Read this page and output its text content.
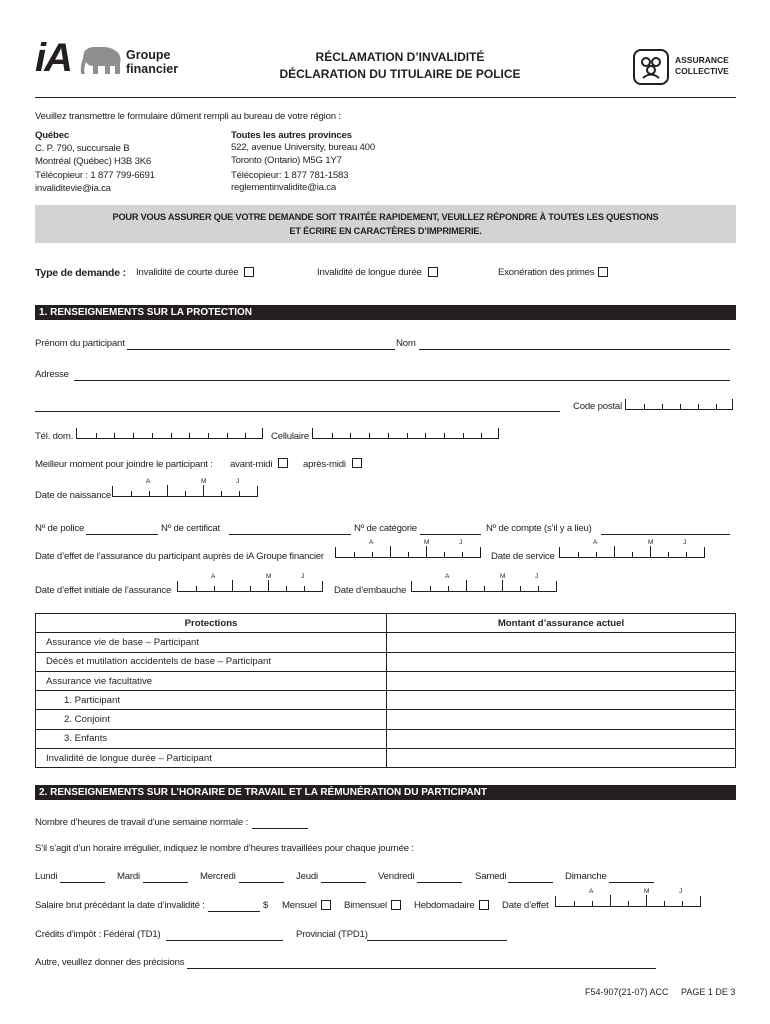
iA	Groupe
financier
RÉCLAMATION D’INVALIDITÉ
DÉCLARATION DU TITULAIRE DE POLICE
ASSURANCE
COLLECTIVE
Veuillez transmettre le formulaire dûment rempli au bureau de votre région :
Québec
C. P. 790, succursale B
Montréal (Québec) H3B 3K6
Télécopieur : 1 877 799-6691
invaliditevie@ia.ca
Toutes les autres provinces
522, avenue University, bureau 400
Toronto (Ontario) M5G 1Y7
Télécopieur: 1 877 781-1583
reglementinvalidite@ia.ca
POUR VOUS ASSURER QUE VOTRE DEMANDE SOIT TRAITÉE RAPIDEMENT, VEUILLEZ RÉPONDRE À TOUTES LES QUESTIONS
ET ÉCRIRE EN CARACTÈRES D’IMPRIMERIE.
Type de demande : Invalidité de courte durée	Invalidité de longue durée	Exonération des primes
1. RENSEIGNEMENTS SUR LA PROTECTION
Prénom du participant	Nom
Adresse
Code postal
Tél. dom.	Cellulaire
Meilleur moment pour joindre le participant : avant-midi	après-midi
Date de naissance
A	M	J
Nº de police	Nº de certificat	Nº de catégorie	Nº de compte (s’il y a lieu)
Date d’effet de l’assurance du participant auprès de iA Groupe financier
A	M	J
Date de service
A	M	J
Date d’effet initiale de l’assurance
A	M	J
Date d’embauche
A	M	J
Protections	Montant d’assurance actuel
Assurance vie de base – Participant	
Décès et mutilation accidentels de base – Participant	
Assurance vie facultative	
1. Participant	
2. Conjoint	
3. Enfants	
Invalidité de longue durée – Participant	
2. RENSEIGNEMENTS SUR L’HORAIRE DE TRAVAIL ET LA RÉMUNÉRATION DU PARTICIPANT
Nombre d’heures de travail d’une semaine normale :
S’il s’agit d’un horaire irrégulier, indiquez le nombre d’heures travaillées pour chaque journée :
Lundi	Mardi	Mercredi	Jeudi	Vendredi	Samedi	Dimanche
Salaire brut précédant la date d’invalidité :	$ Mensuel	Bimensuel	Hebdomadaire	Date d’effet
A	M	J
Crédits d’impôt : Fédéral (TD1)	Provincial (TPD1)
Autre, veuillez donner des précisions
F54-907(21-07) ACC PAGE 1 DE 3
